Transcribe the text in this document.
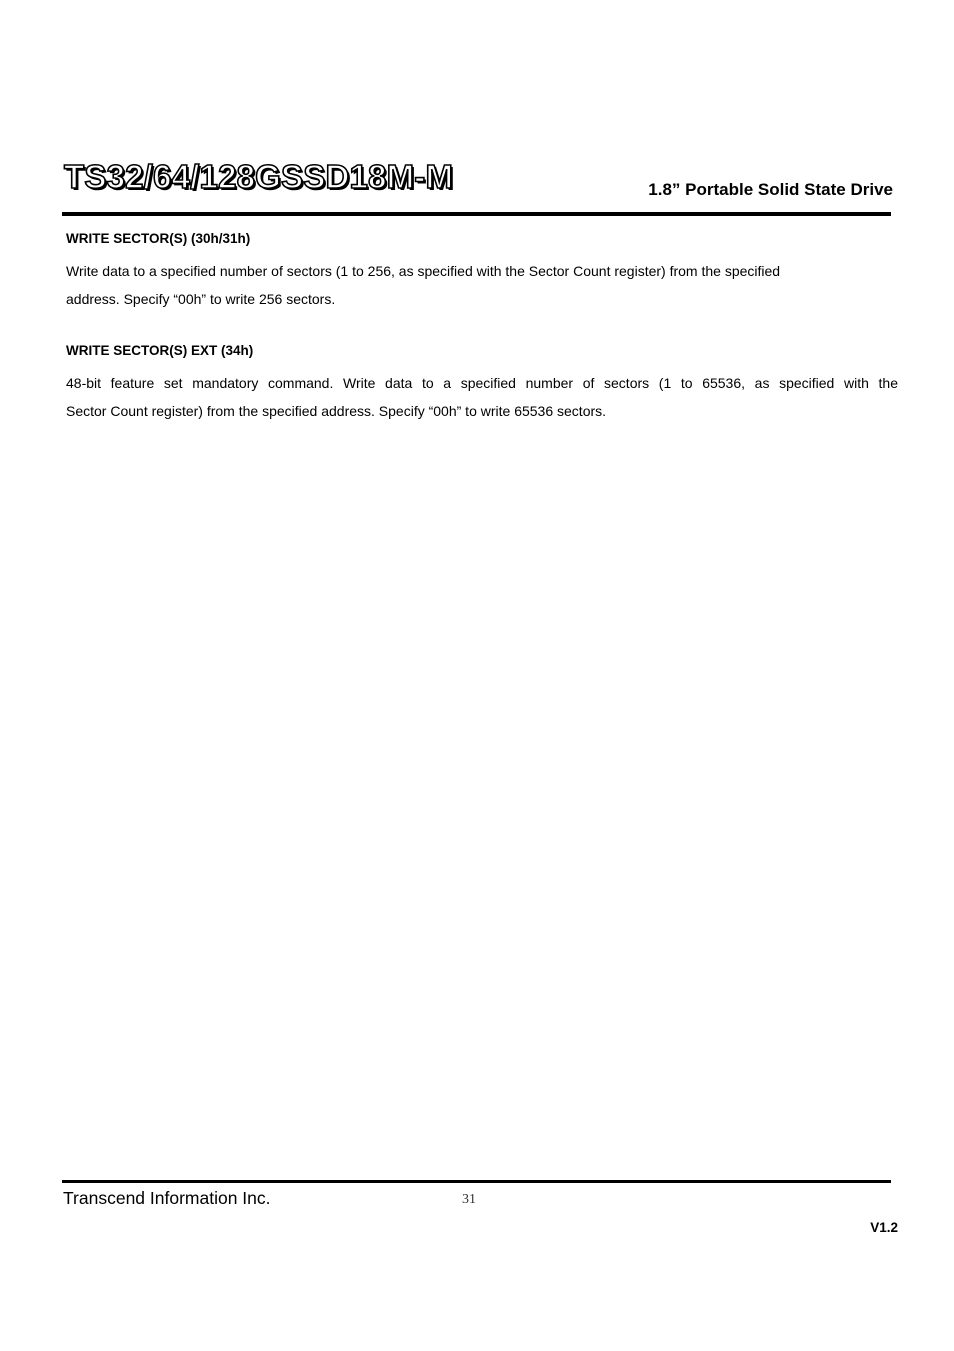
TS32/64/128GSSD18M-M	1.8” Portable Solid State Drive
WRITE SECTOR(S) (30h/31h)

Write data to a specified number of sectors (1 to 256, as specified with the Sector Count register) from the specified
address. Specify “00h” to write 256 sectors.

WRITE SECTOR(S) EXT (34h)

48-bit feature set mandatory command. Write data to a specified number of sectors (1 to 65536, as specified with the
Sector Count register) from the specified address. Specify “00h” to write 65536 sectors.

Transcend Information Inc.	31
V1.2
